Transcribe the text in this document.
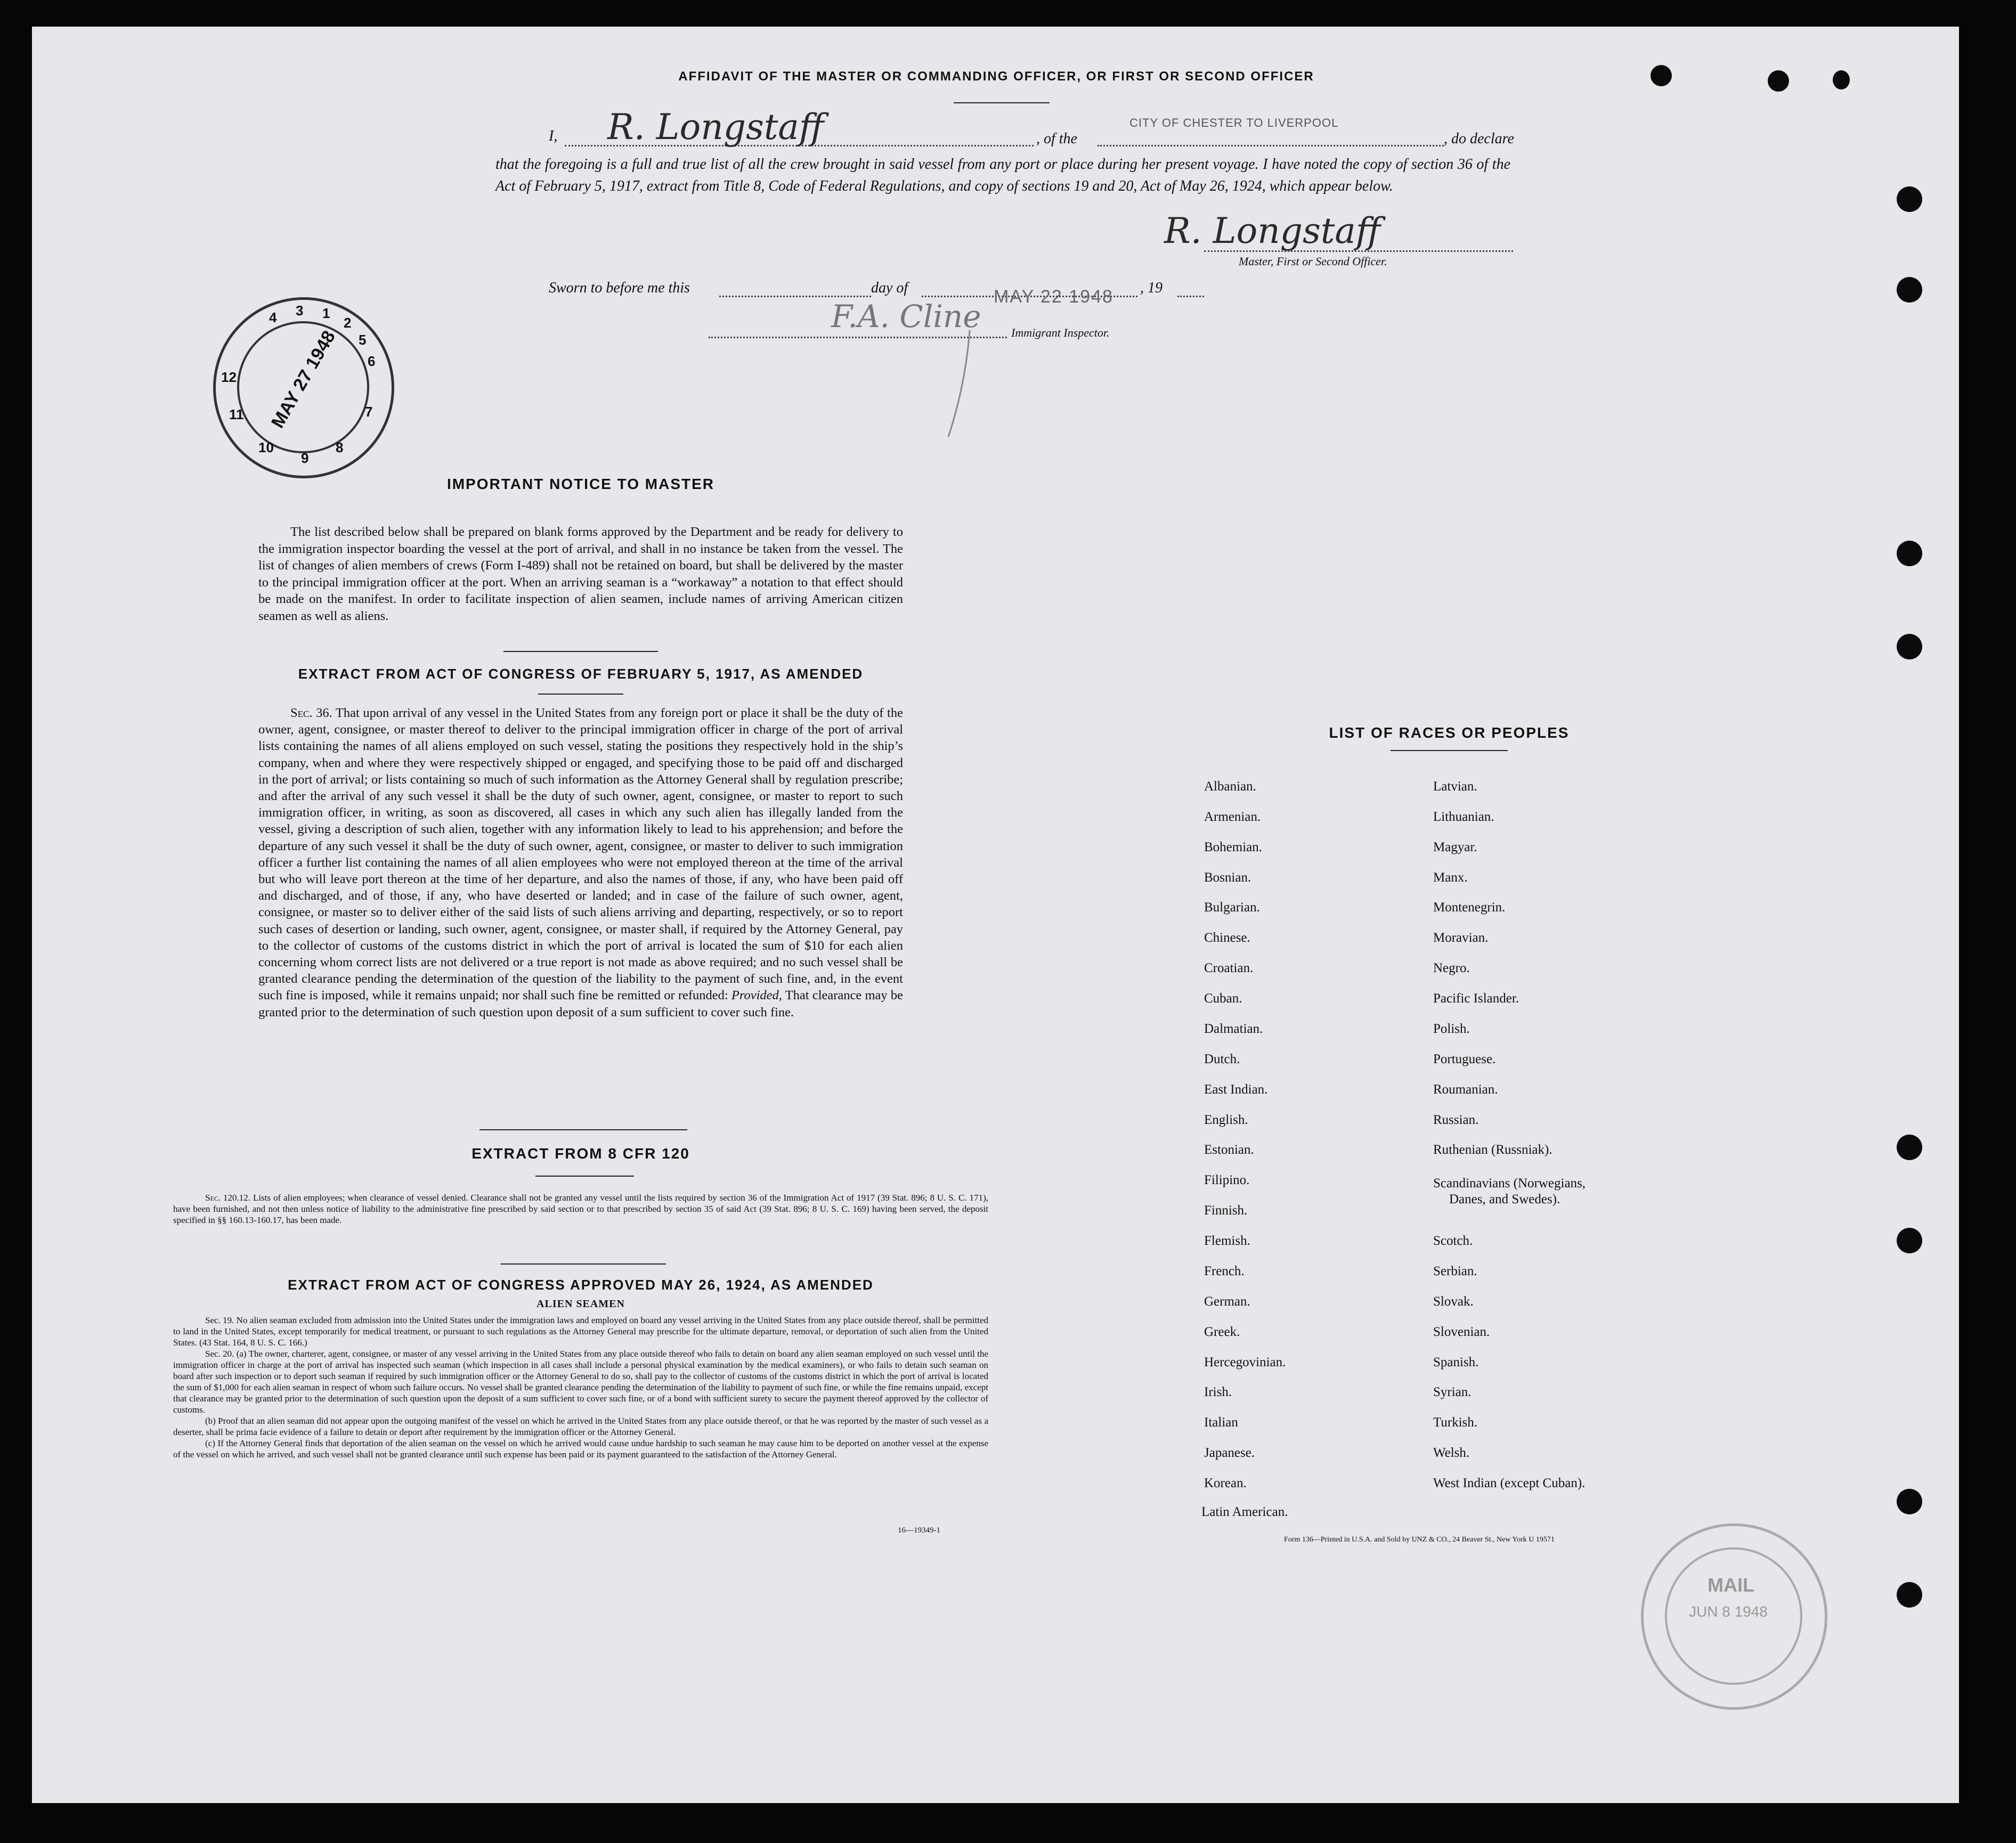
AFFIDAVIT OF THE MASTER OR COMMANDING OFFICER, OR FIRST OR SECOND OFFICER
I, R. Longstaff	, of the
CITY OF CHESTER TO LIVERPOOL
, do declare
that the foregoing is a full and true list of all the crew brought in said vessel from any port or place during her present voyage. I have noted the copy of section 36 of the Act of February 5, 1917, extract from Title 8, Code of Federal Regulations, and copy of sections 19 and 20, Act of May 26, 1924, which appear below.
R. Longstaff
Master, First or Second Officer.
Sworn to before me this	day of	MAY 22 1948 , 19
F.A. Cline	Immigrant Inspector.
MAY 27 1948
1
2
3
4
5
6
7
8
9
10
11
12
IMPORTANT NOTICE TO MASTER
The list described below shall be prepared on blank forms approved by the Department and be ready for delivery to the immigration inspector boarding the vessel at the port of arrival, and shall in no instance be taken from the vessel. The list of changes of alien members of crews (Form I-489) shall not be retained on board, but shall be delivered by the master to the principal immigration officer at the port. When an arriving seaman is a “workaway” a notation to that effect should be made on the manifest. In order to facilitate inspection of alien seamen, include names of arriving American citizen seamen as well as aliens.
EXTRACT FROM ACT OF CONGRESS OF FEBRUARY 5, 1917, AS AMENDED
Sec. 36. That upon arrival of any vessel in the United States from any foreign port or place it shall be the duty of the owner, agent, consignee, or master thereof to deliver to the principal immigration officer in charge of the port of arrival lists containing the names of all aliens employed on such vessel, stating the positions they respectively hold in the ship’s company, when and where they were respectively shipped or engaged, and specifying those to be paid off and discharged in the port of arrival; or lists containing so much of such information as the Attorney General shall by regulation prescribe; and after the arrival of any such vessel it shall be the duty of such owner, agent, consignee, or master to report to such immigration officer, in writing, as soon as discovered, all cases in which any such alien has illegally landed from the vessel, giving a description of such alien, together with any information likely to lead to his apprehension; and before the departure of any such vessel it shall be the duty of such owner, agent, consignee, or master to deliver to such immigration officer a further list containing the names of all alien employees who were not employed thereon at the time of the arrival but who will leave port thereon at the time of her departure, and also the names of those, if any, who have been paid off and discharged, and of those, if any, who have deserted or landed; and in case of the failure of such owner, agent, consignee, or master so to deliver either of the said lists of such aliens arriving and departing, respectively, or so to report such cases of desertion or landing, such owner, agent, consignee, or master shall, if required by the Attorney General, pay to the collector of customs of the customs district in which the port of arrival is located the sum of $10 for each alien concerning whom correct lists are not delivered or a true report is not made as above required; and no such vessel shall be granted clearance pending the determination of the question of the liability to the payment of such fine, and, in the event such fine is imposed, while it remains unpaid; nor shall such fine be remitted or refunded: Provided, That clearance may be granted prior to the determination of such question upon deposit of a sum sufficient to cover such fine.
EXTRACT FROM 8 CFR 120
Sec. 120.12. Lists of alien employees; when clearance of vessel denied. Clearance shall not be granted any vessel until the lists required by section 36 of the Immigration Act of 1917 (39 Stat. 896; 8 U. S. C. 171), have been furnished, and not then unless notice of liability to the administrative fine prescribed by said section or to that prescribed by section 35 of said Act (39 Stat. 896; 8 U. S. C. 169) having been served, the deposit specified in §§ 160.13-160.17, has been made.
EXTRACT FROM ACT OF CONGRESS APPROVED MAY 26, 1924, AS AMENDED
ALIEN SEAMEN
Sec. 19. No alien seaman excluded from admission into the United States under the immigration laws and employed on board any vessel arriving in the United States from any place outside thereof, shall be permitted to land in the United States, except temporarily for medical treatment, or pursuant to such regulations as the Attorney General may prescribe for the ultimate departure, removal, or deportation of such alien from the United States. (43 Stat. 164, 8 U. S. C. 166.)
Sec. 20. (a) The owner, charterer, agent, consignee, or master of any vessel arriving in the United States from any place outside thereof who fails to detain on board any alien seaman employed on such vessel until the immigration officer in charge at the port of arrival has inspected such seaman (which inspection in all cases shall include a personal physical examination by the medical examiners), or who fails to detain such seaman on board after such inspection or to deport such seaman if required by such immigration officer or the Attorney General to do so, shall pay to the collector of customs of the customs district in which the port of arrival is located the sum of $1,000 for each alien seaman in respect of whom such failure occurs. No vessel shall be granted clearance pending the determination of the liability to payment of such fine, or while the fine remains unpaid, except that clearance may be granted prior to the determination of such question upon the deposit of a sum sufficient to cover such fine, or of a bond with sufficient surety to secure the payment thereof approved by the collector of customs.
(b) Proof that an alien seaman did not appear upon the outgoing manifest of the vessel on which he arrived in the United States from any place outside thereof, or that he was reported by the master of such vessel as a deserter, shall be prima facie evidence of a failure to detain or deport after requirement by the immigration officer or the Attorney General.
(c) If the Attorney General finds that deportation of the alien seaman on the vessel on which he arrived would cause undue hardship to such seaman he may cause him to be deported on another vessel at the expense of the vessel on which he arrived, and such vessel shall not be granted clearance until such expense has been paid or its payment guaranteed to the satisfaction of the Attorney General.
16—19349-1
LIST OF RACES OR PEOPLES
Albanian.
Armenian.
Bohemian.
Bosnian.
Bulgarian.
Chinese.
Croatian.
Cuban.
Dalmatian.
Dutch.
East Indian.
English.
Estonian.
Filipino.
Finnish.
Flemish.
French.
German.
Greek.
Hercegovinian.
Irish.
Italian
Japanese.
Korean.
Latin American.
Latvian.
Lithuanian.
Magyar.
Manx.
Montenegrin.
Moravian.
Negro.
Pacific Islander.
Polish.
Portuguese.
Roumanian.
Russian.
Ruthenian (Russniak).
Scandinavians (Norwegians,
Danes, and Swedes).
Scotch.
Serbian.
Slovak.
Slovenian.
Spanish.
Syrian.
Turkish.
Welsh.
West Indian (except Cuban).
Form 136—Printed in U.S.A. and Sold by UNZ & CO., 24 Beaver St., New York U 19571
MAIL
JUN 8 1948
